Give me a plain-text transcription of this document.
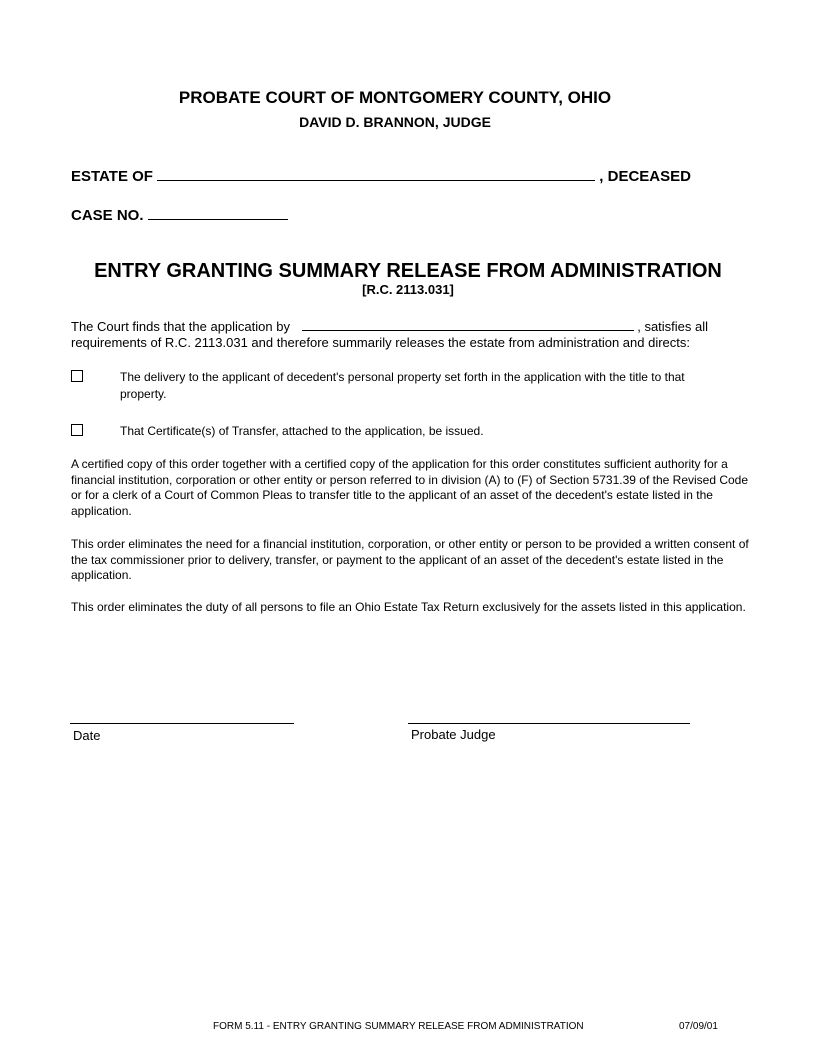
PROBATE COURT OF MONTGOMERY COUNTY, OHIO
DAVID D. BRANNON, JUDGE
ESTATE OF	, DECEASED
CASE NO.
ENTRY GRANTING SUMMARY RELEASE FROM ADMINISTRATION
[R.C. 2113.031]
The Court finds that the application by	, satisfies all
requirements of R.C. 2113.031 and therefore summarily releases the estate from administration and directs:
The delivery to the applicant of decedent's personal property set forth in the application with the title to that
property.
That Certificate(s) of Transfer, attached to the application, be issued.
A certified copy of this order together with a certified copy of the application for this order constitutes sufficient authority for a financial institution, corporation or other entity or person referred to in division (A) to (F) of Section 5731.39 of the Revised Code or for a clerk of a Court of Common Pleas to transfer title to the applicant of an asset of the decedent's estate listed in the application.
This order eliminates the need for a financial institution, corporation, or other entity or person to be provided a written consent of the tax commissioner prior to delivery, transfer, or payment to the applicant of an asset of the decedent's estate listed in the application.
This order eliminates the duty of all persons to file an Ohio Estate Tax Return exclusively for the assets listed in this application.
Date	Probate Judge
FORM 5.11 - ENTRY GRANTING SUMMARY RELEASE FROM ADMINISTRATION	07/09/01
